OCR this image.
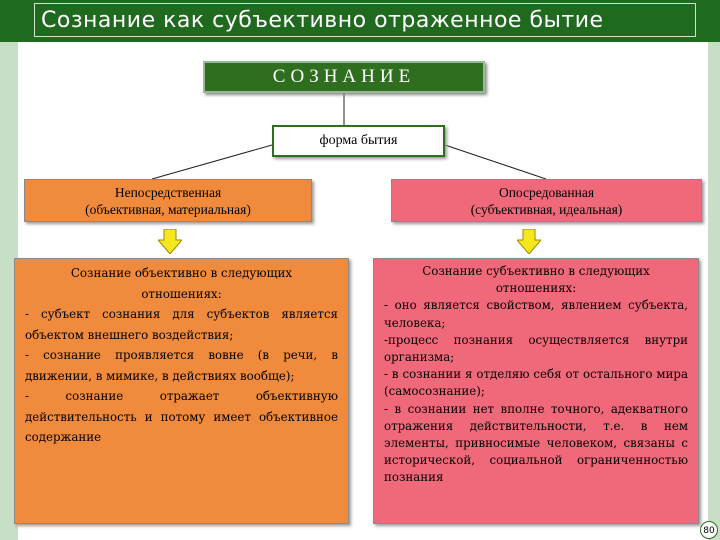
Сознание как субъективно отраженное бытие
СОЗНАНИЕ
форма бытия
Непосредственная
(объективная, материальная)
Опосредованная
(субъективная, идеальная)

Сознание объективно в следующих
отношениях:

- субъект сознания для субъектов является объектом внешнего воздействия;

- сознание проявляется вовне (в речи, в движении, в мимике, в действиях вообще);

- сознание отражает объективную действительность и потому имеет объективное содержание

Сознание субъективно в следующих
отношениях:

- оно является свойством, явлением субъекта, человека;

-процесс познания осуществляется внутри организма;

- в сознании я отделяю себя от остального мира (самосознание);

- в сознании нет вполне точного, адекватного отражения действительности, т.е. в нем элементы, привносимые человеком, связаны с исторической, социальной ограниченностью познания

80
